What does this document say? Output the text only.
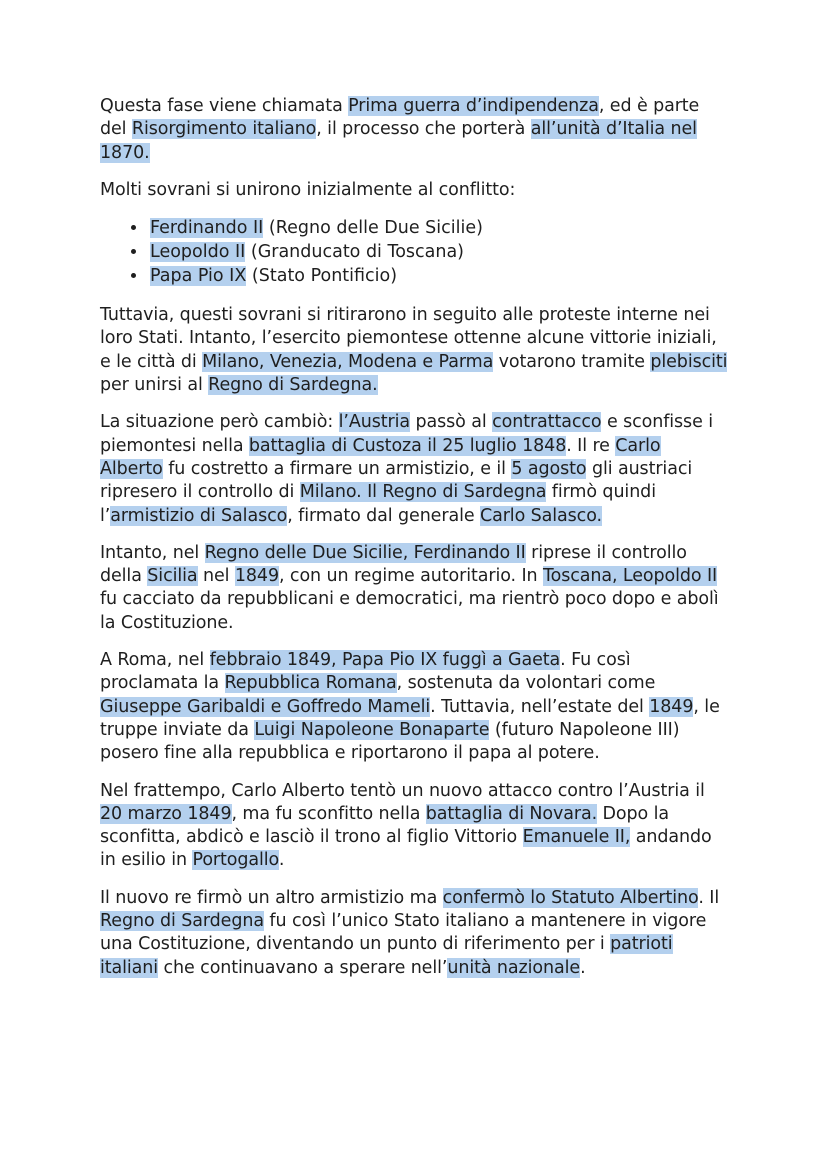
Questa fase viene chiamata Prima guerra d’indipendenza, ed è parte del Risorgimento italiano, il processo che porterà all’unità d’Italia nel 1870.

Molti sovrani si unirono inizialmente al conflitto:

• Ferdinando II (Regno delle Due Sicilie)
• Leopoldo II (Granducato di Toscana)
• Papa Pio IX (Stato Pontificio)

Tuttavia, questi sovrani si ritirarono in seguito alle proteste interne nei loro Stati. Intanto, l’esercito piemontese ottenne alcune vittorie iniziali, e le città di Milano, Venezia, Modena e Parma votarono tramite plebisciti per unirsi al Regno di Sardegna.

La situazione però cambiò: l’Austria passò al contrattacco e sconfisse i piemontesi nella battaglia di Custoza il 25 luglio 1848. Il re Carlo Alberto fu costretto a firmare un armistizio, e il 5 agosto gli austriaci ripresero il controllo di Milano. Il Regno di Sardegna firmò quindi l’armistizio di Salasco, firmato dal generale Carlo Salasco.

Intanto, nel Regno delle Due Sicilie, Ferdinando II riprese il controllo della Sicilia nel 1849, con un regime autoritario. In Toscana, Leopoldo II fu cacciato da repubblicani e democratici, ma rientrò poco dopo e abolì la Costituzione.

A Roma, nel febbraio 1849, Papa Pio IX fuggì a Gaeta. Fu così proclamata la Repubblica Romana, sostenuta da volontari come Giuseppe Garibaldi e Goffredo Mameli. Tuttavia, nell’estate del 1849, le truppe inviate da Luigi Napoleone Bonaparte (futuro Napoleone III) posero fine alla repubblica e riportarono il papa al potere.

Nel frattempo, Carlo Alberto tentò un nuovo attacco contro l’Austria il 20 marzo 1849, ma fu sconfitto nella battaglia di Novara. Dopo la sconfitta, abdicò e lasciò il trono al figlio Vittorio Emanuele II, andando in esilio in Portogallo.

Il nuovo re firmò un altro armistizio ma confermò lo Statuto Albertino. Il Regno di Sardegna fu così l’unico Stato italiano a mantenere in vigore una Costituzione, diventando un punto di riferimento per i patrioti italiani che continuavano a sperare nell’unità nazionale.
